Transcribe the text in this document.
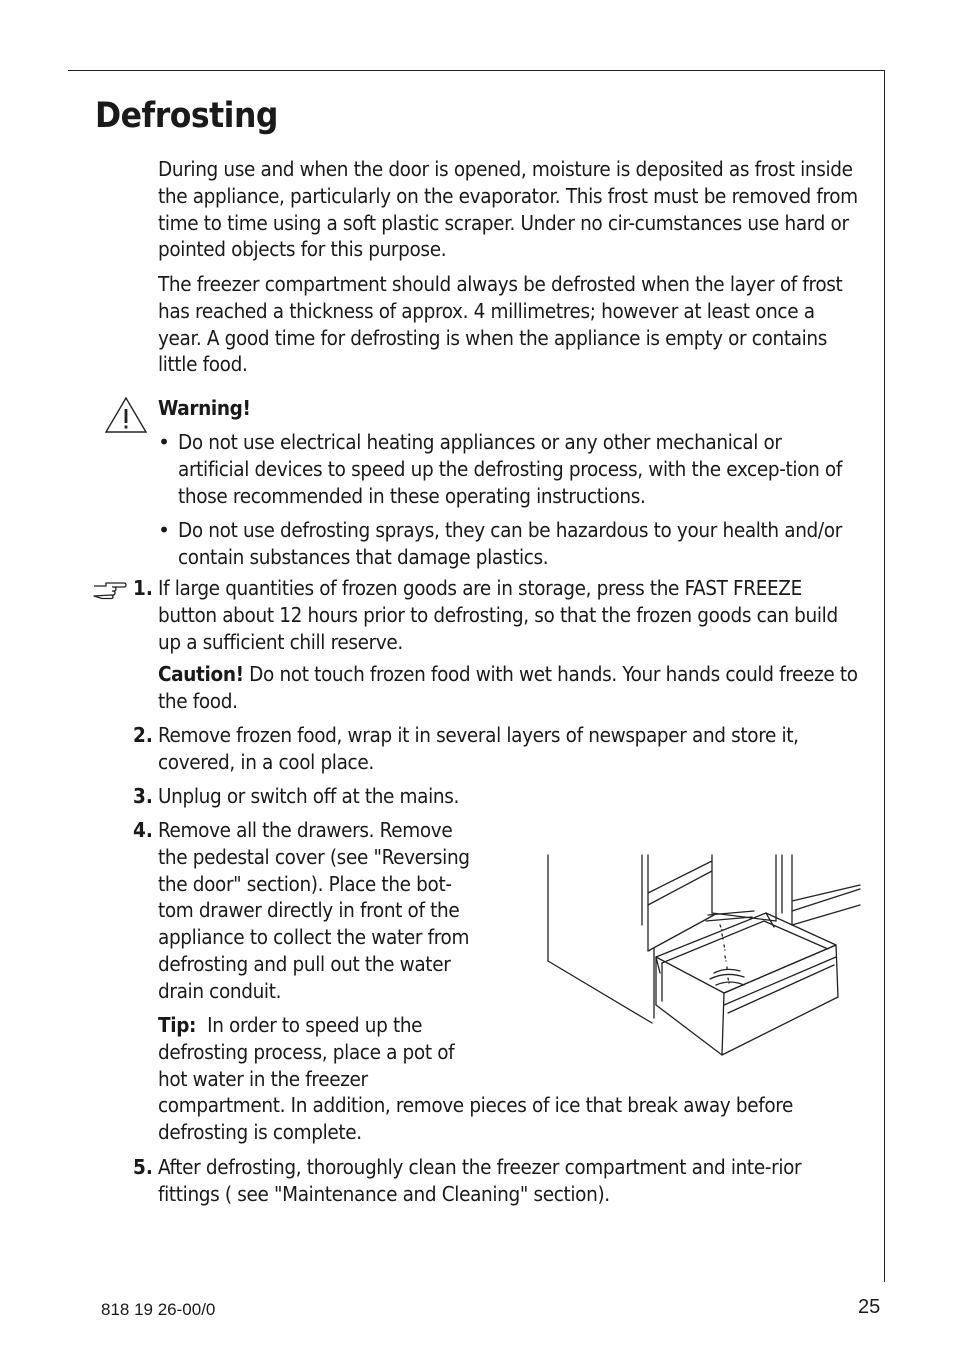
Defrosting

During use and when the door is opened, moisture is deposited as frost inside the appliance, particularly on the evaporator. This frost must be removed from time to time using a soft plastic scraper. Under no cir-cumstances use hard or pointed objects for this purpose.

The freezer compartment should always be defrosted when the layer of frost has reached a thickness of approx. 4 millimetres; however at least once a year. A good time for defrosting is when the appliance is empty or contains little food.

Warning!
• Do not use electrical heating appliances or any other mechanical or artificial devices to speed up the defrosting process, with the excep-tion of those recommended in these operating instructions.

• Do not use defrosting sprays, they can be hazardous to your health and/or contain substances that damage plastics.

1. If large quantities of frozen goods are in storage, press the FAST FREEZE button about 12 hours prior to defrosting, so that the frozen goods can build up a sufficient chill reserve.

Caution! Do not touch frozen food with wet hands. Your hands could freeze to the food.

2. Remove frozen food, wrap it in several layers of newspaper and store it, covered, in a cool place.

3. Unplug or switch off at the mains.

4. Remove all the drawers. Remove
the pedestal cover (see "Reversing
the door" section). Place the bot-
tom drawer directly in front of the
appliance to collect the water from
defrosting and pull out the water
drain conduit.
Tip:  In order to speed up the
defrosting process, place a pot of
hot water in the freezer
compartment. In addition, remove pieces of ice that break away before
defrosting is complete.
5. After defrosting, thoroughly clean the freezer compartment and inte-rior fittings ( see "Maintenance and Cleaning" section).

818 19 26-00/0	25
